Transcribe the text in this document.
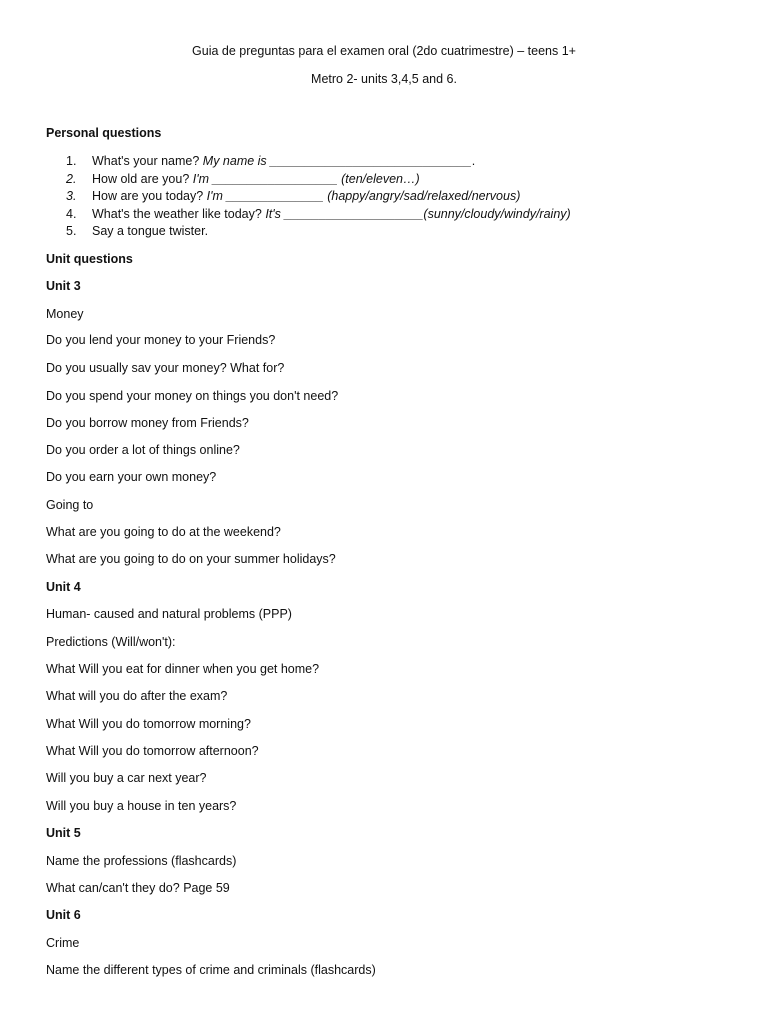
Guia de preguntas para el examen oral (2do cuatrimestre) – teens 1+
Metro 2- units 3,4,5 and 6.
Personal questions
1. What's your name? My name is _____________________________.
2. How old are you? I'm __________________ (ten/eleven…)
3. How are you today? I'm ______________ (happy/angry/sad/relaxed/nervous)
4. What's the weather like today? It's ____________________(sunny/cloudy/windy/rainy)
5. Say a tongue twister.
Unit questions
Unit 3
Money
Do you lend your money to your Friends?
Do you usually sav your money? What for?
Do you spend your money on things you don't need?
Do you borrow money from Friends?
Do you order a lot of things online?
Do you earn your own money?
Going to
What are you going to do at the weekend?
What are you going to do on your summer holidays?
Unit 4
Human- caused and natural problems (PPP)
Predictions (Will/won't):
What Will you eat for dinner when you get home?
What will you do after the exam?
What Will you do tomorrow morning?
What Will you do tomorrow afternoon?
Will you buy a car next year?
Will you buy a house in ten years?
Unit 5
Name the professions (flashcards)
What can/can't they do? Page 59
Unit 6
Crime
Name the different types of crime and criminals (flashcards)
